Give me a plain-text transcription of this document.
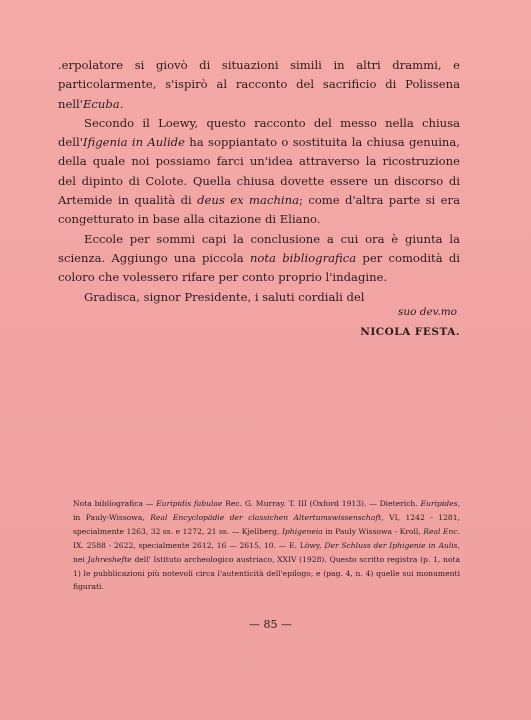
.erpolatore si giovò di situazioni simili in altri drammi, e particolarmente, s'ispirò al racconto del sacrificio di Polissena nell'Ecuba.

Secondo il Loewy, questo racconto del messo nella chiusa dell'Ifigenia in Aulide ha soppiantato o sostituita la chiusa genuina, della quale noi possiamo farci un'idea attraverso la ricostruzione del dipinto di Colote. Quella chiusa dovette essere un discorso di Artemide in qualità di deus ex machina; come d'altra parte si era congetturato in base alla citazione di Eliano.

Eccole per sommi capi la conclusione a cui ora è giunta la scienza. Aggiungo una piccola nota bibliografica per comodità di coloro che volessero rifare per conto proprio l'indagine.

Gradisca, signor Presidente, i saluti cordiali del

suo dev.mo
NICOLA FESTA.
Nota bibliografica — Euripidis fabulae Rec. G. Murray. T. III (Oxford 1913). — Dieterich. Euripides, in Pauly-Wissowa, Real Encyclopädie der classichen Altertumswissenschaft, VI, 1242 - 1281, specialmente 1263, 32 ss. e 1272, 21 ss. — Kjellberg, Iphigeneia in Pauly Wissowa - Kroll, Real Enc. IX. 2588 - 2622, specialmente 2612, 16 — 2615, 10. — E. Löwy, Der Schluss der Iphigenie in Aulis, nei Jahreshefte dell' Istituto archeologico austriaco, XXIV (1928). Questo scritto registra (p. 1, nota 1) le pubblicazioni più notevoli circa l'autenticità dell'epilogo, e (pag. 4, n. 4) quelle sui monumenti figurati.
— 85 —
